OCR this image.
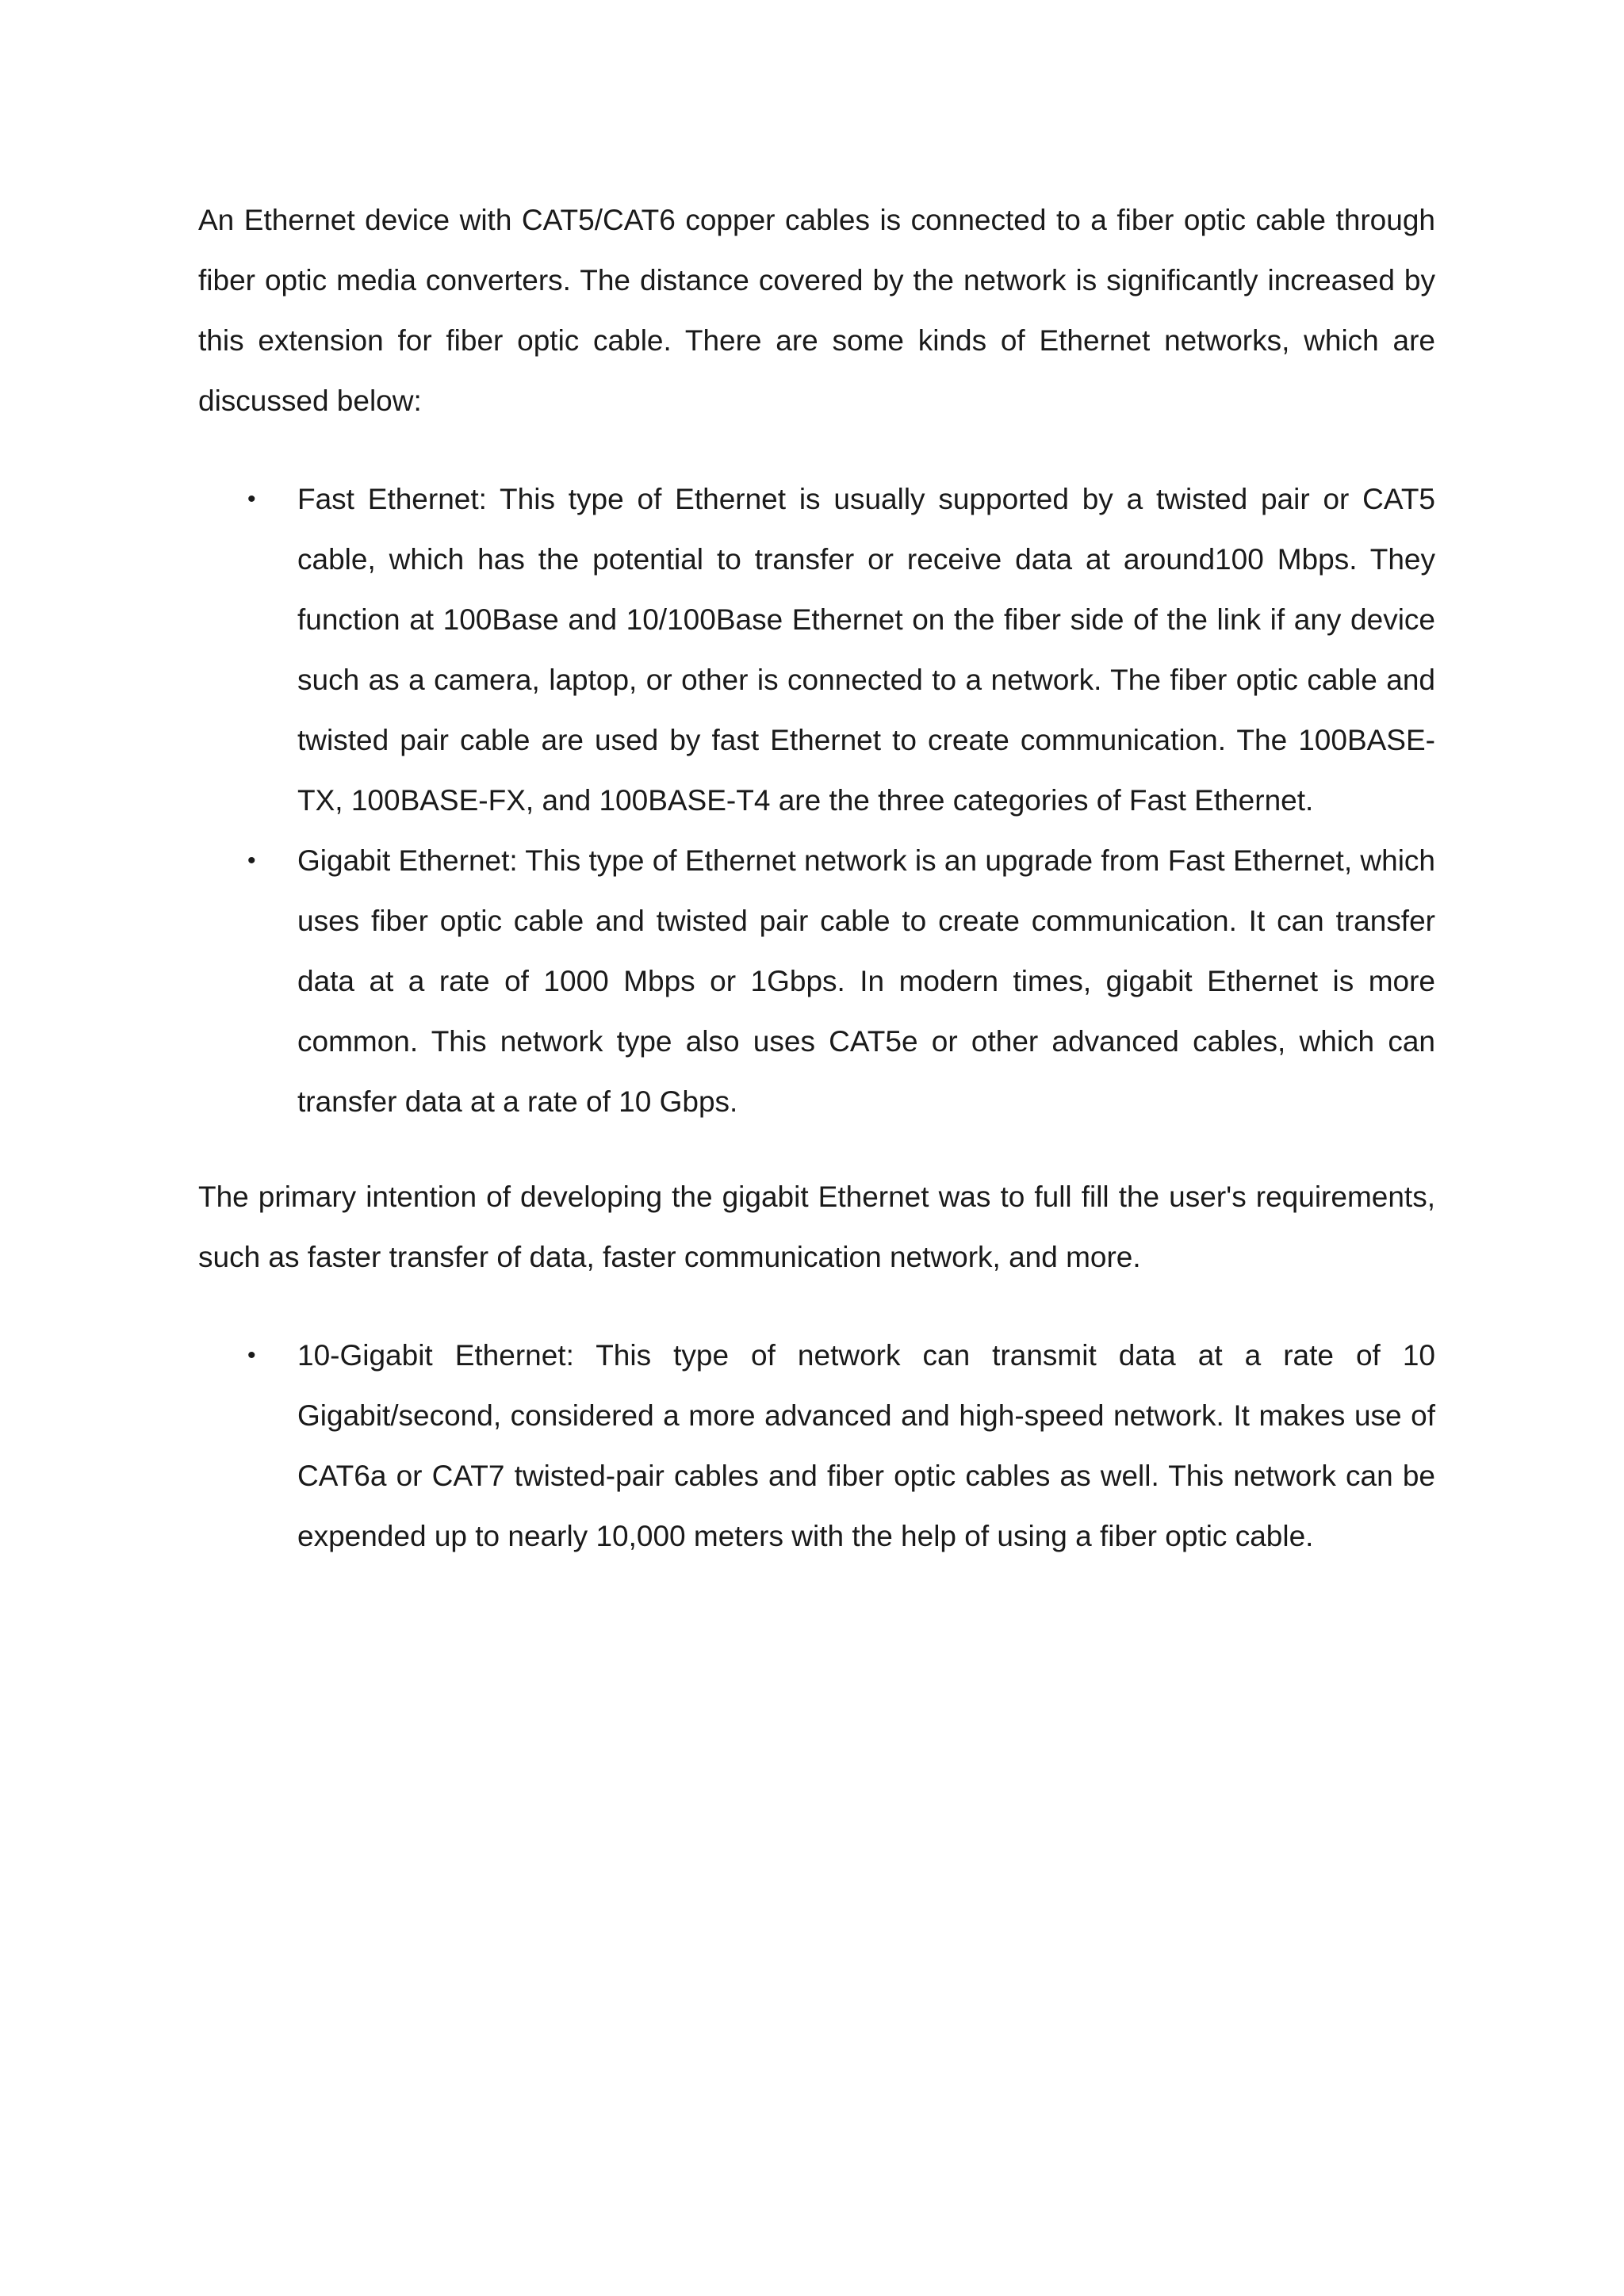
An Ethernet device with CAT5/CAT6 copper cables is connected to a fiber optic cable through fiber optic media converters. The distance covered by the network is significantly increased by this extension for fiber optic cable. There are some kinds of Ethernet networks, which are discussed below:

• Fast Ethernet: This type of Ethernet is usually supported by a twisted pair or CAT5 cable, which has the potential to transfer or receive data at around100 Mbps. They function at 100Base and 10/100Base Ethernet on the fiber side of the link if any device such as a camera, laptop, or other is connected to a network. The fiber optic cable and twisted pair cable are used by fast Ethernet to create communication. The 100BASE-TX, 100BASE-FX, and 100BASE-T4 are the three categories of Fast Ethernet.
• Gigabit Ethernet: This type of Ethernet network is an upgrade from Fast Ethernet, which uses fiber optic cable and twisted pair cable to create communication. It can transfer data at a rate of 1000 Mbps or 1Gbps. In modern times, gigabit Ethernet is more common. This network type also uses CAT5e or other advanced cables, which can transfer data at a rate of 10 Gbps.

The primary intention of developing the gigabit Ethernet was to full fill the user's requirements, such as faster transfer of data, faster communication network, and more.

• 10-Gigabit Ethernet: This type of network can transmit data at a rate of 10 Gigabit/second, considered a more advanced and high-speed network. It makes use of CAT6a or CAT7 twisted-pair cables and fiber optic cables as well. This network can be expended up to nearly 10,000 meters with the help of using a fiber optic cable.
